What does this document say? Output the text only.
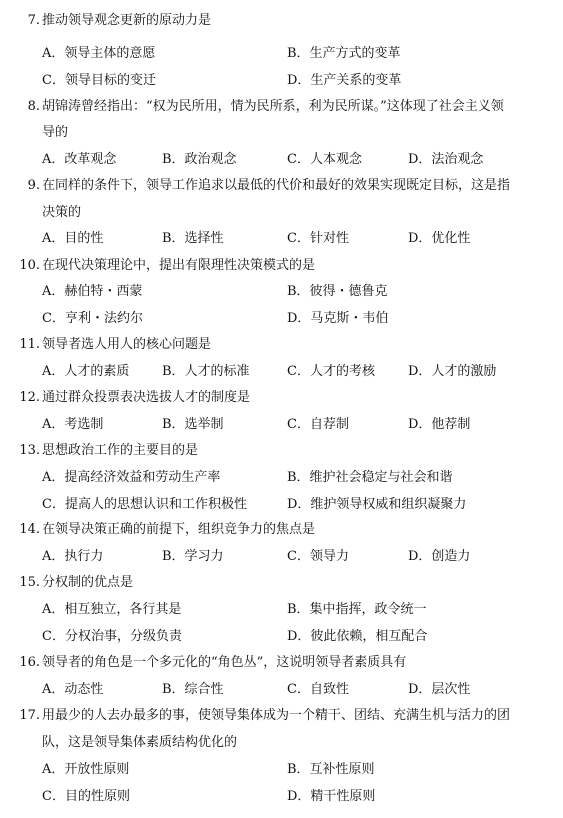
7. 推动领导观念更新的原动力是
A．领导主体的意愿	B．生产方式的变革
C．领导目标的变迁	D．生产关系的变革
8. 胡锦涛曾经指出：“权为民所用，情为民所系，利为民所谋。”这体现了社会主义领
导的
A．改革观念	B．政治观念	C．人本观念	D．法治观念
9. 在同样的条件下，领导工作追求以最低的代价和最好的效果实现既定目标，这是指
决策的
A．目的性	B．选择性	C．针对性	D．优化性
10. 在现代决策理论中，提出有限理性决策模式的是
A．赫伯特・西蒙	B．彼得・德鲁克
C．亨利・法约尔	D．马克斯・韦伯
11. 领导者选人用人的核心问题是
A．人才的素质	B．人才的标准	C．人才的考核	D．人才的激励
12. 通过群众投票表决选拔人才的制度是
A．考选制	B．选举制	C．自荐制	D．他荐制
13. 思想政治工作的主要目的是
A．提高经济效益和劳动生产率	B．维护社会稳定与社会和谐
C．提高人的思想认识和工作积极性	D．维护领导权威和组织凝聚力
14. 在领导决策正确的前提下，组织竞争力的焦点是
A．执行力	B．学习力	C．领导力	D．创造力
15. 分权制的优点是
A．相互独立，各行其是	B．集中指挥，政令统一
C．分权治事，分级负责	D．彼此依赖，相互配合
16. 领导者的角色是一个多元化的“角色丛”，这说明领导者素质具有
A．动态性	B．综合性	C．自致性	D．层次性
17. 用最少的人去办最多的事，使领导集体成为一个精干、团结、充满生机与活力的团
队，这是领导集体素质结构优化的
A．开放性原则	B．互补性原则
C．目的性原则	D．精干性原则
